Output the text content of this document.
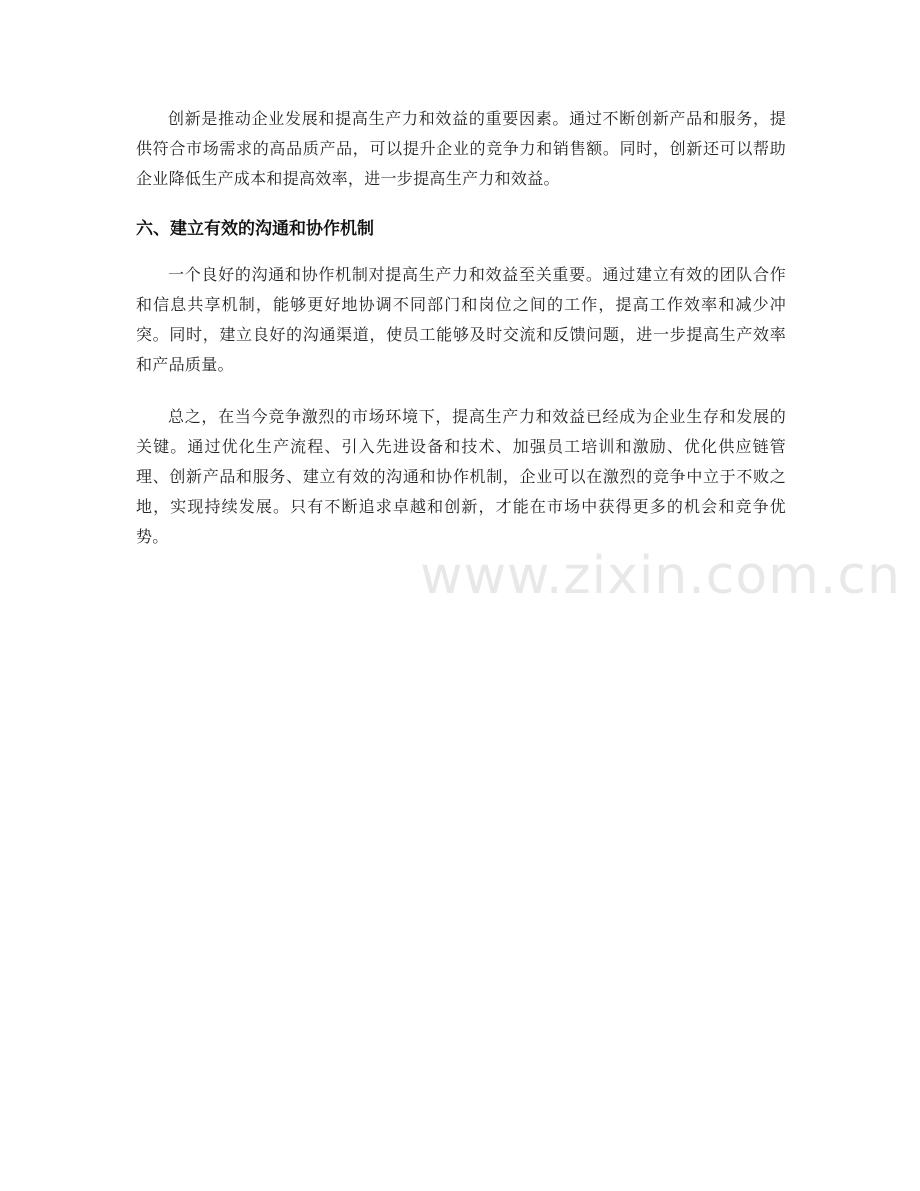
创新是推动企业发展和提高生产力和效益的重要因素。通过不断创新产品和服务，提供符合市场需求的高品质产品，可以提升企业的竞争力和销售额。同时，创新还可以帮助企业降低生产成本和提高效率，进一步提高生产力和效益。

六、建立有效的沟通和协作机制

一个良好的沟通和协作机制对提高生产力和效益至关重要。通过建立有效的团队合作和信息共享机制，能够更好地协调不同部门和岗位之间的工作，提高工作效率和减少冲突。同时，建立良好的沟通渠道，使员工能够及时交流和反馈问题，进一步提高生产效率和产品质量。

总之，在当今竞争激烈的市场环境下，提高生产力和效益已经成为企业生存和发展的关键。通过优化生产流程、引入先进设备和技术、加强员工培训和激励、优化供应链管理、创新产品和服务、建立有效的沟通和协作机制，企业可以在激烈的竞争中立于不败之地，实现持续发展。只有不断追求卓越和创新，才能在市场中获得更多的机会和竞争优势。

www.zixin.com.cn
